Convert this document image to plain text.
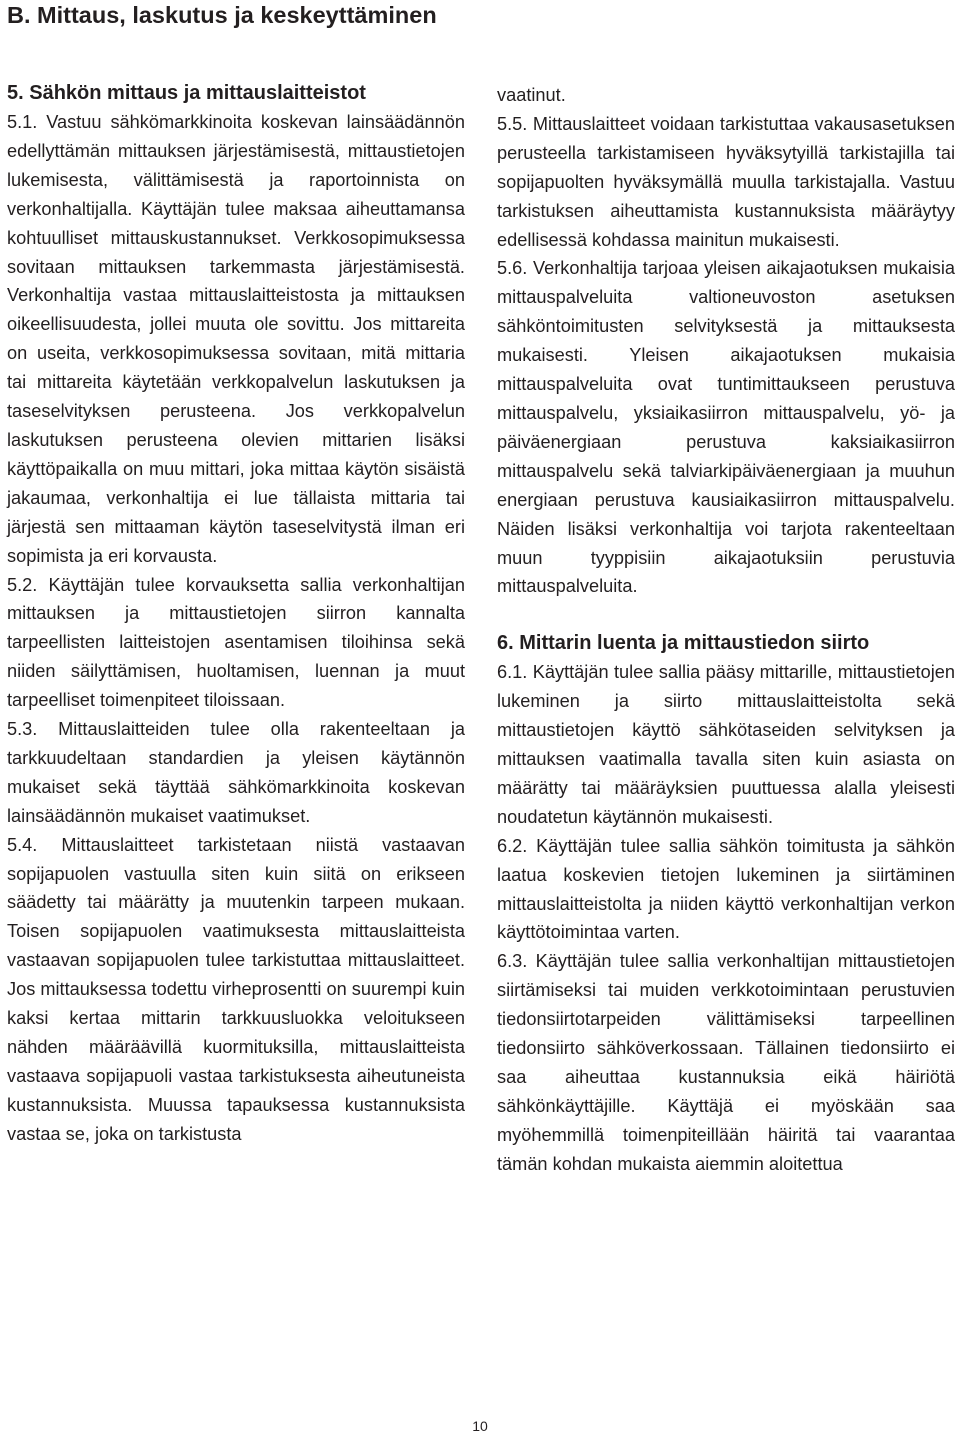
B. Mittaus, laskutus ja keskeyttäminen
5. Sähkön mittaus ja mittauslaitteistot

5.1. Vastuu sähkömarkkinoita koskevan lainsäädännön edellyttämän mittauksen järjestämisestä, mittaustietojen lukemisesta, välittämisestä ja raportoinnista on verkonhaltijalla. Käyttäjän tulee maksaa aiheuttamansa kohtuulliset mittauskustannukset. Verkkosopimuksessa sovitaan mittauksen tarkemmasta järjestämisestä. Verkonhaltija vastaa mittauslaitteistosta ja mittauksen oikeellisuudesta, jollei muuta ole sovittu. Jos mittareita on useita, verkkosopimuksessa sovitaan, mitä mittaria tai mittareita käytetään verkkopalvelun laskutuksen ja taseselvityksen perusteena. Jos verkkopalvelun laskutuksen perusteena olevien mittarien lisäksi käyttöpaikalla on muu mittari, joka mittaa käytön sisäistä jakaumaa, verkonhaltija ei lue tällaista mittaria tai järjestä sen mittaaman käytön taseselvitystä ilman eri sopimista ja eri korvausta.

5.2. Käyttäjän tulee korvauksetta sallia verkonhaltijan mittauksen ja mittaustietojen siirron kannalta tarpeellisten laitteistojen asentamisen tiloihinsa sekä niiden säilyttämisen, huoltamisen, luennan ja muut tarpeelliset toimenpiteet tiloissaan.

5.3. Mittauslaitteiden tulee olla rakenteeltaan ja tarkkuudeltaan standardien ja yleisen käytännön mukaiset sekä täyttää sähkömarkkinoita koskevan lainsäädännön mukaiset vaatimukset.

5.4. Mittauslaitteet tarkistetaan niistä vastaavan sopijapuolen vastuulla siten kuin siitä on erikseen säädetty tai määrätty ja muutenkin tarpeen mukaan. Toisen sopijapuolen vaatimuksesta mittauslaitteista vastaavan sopijapuolen tulee tarkistuttaa mittauslaitteet. Jos mittauksessa todettu virheprosentti on suurempi kuin kaksi kertaa mittarin tarkkuusluokka veloitukseen nähden määräävillä kuormituksilla, mittauslaitteista vastaava sopijapuoli vastaa tarkistuksesta aiheutuneista kustannuksista. Muussa tapauksessa kustannuksista vastaa se, joka on tarkistusta

vaatinut.

5.5. Mittauslaitteet voidaan tarkistuttaa vakausasetuksen perusteella tarkistamiseen hyväksytyillä tarkistajilla tai sopijapuolten hyväksymällä muulla tarkistajalla. Vastuu tarkistuksen aiheuttamista kustannuksista määräytyy edellisessä kohdassa mainitun mukaisesti.

5.6. Verkonhaltija tarjoaa yleisen aikajaotuksen mukaisia mittauspalveluita valtioneuvoston asetuksen sähköntoimitusten selvityksestä ja mittauksesta mukaisesti. Yleisen aikajaotuksen mukaisia mittauspalveluita ovat tuntimittaukseen perustuva mittauspalvelu, yksiaikasiirron mittauspalvelu, yö- ja päiväenergiaan perustuva kaksiaikasiirron mittauspalvelu sekä talviarkipäiväenergiaan ja muuhun energiaan perustuva kausiaikasiirron mittauspalvelu. Näiden lisäksi verkonhaltija voi tarjota rakenteeltaan muun tyyppisiin aikajaotuksiin perustuvia mittauspalveluita.

6. Mittarin luenta ja mittaustiedon siirto

6.1. Käyttäjän tulee sallia pääsy mittarille, mittaustietojen lukeminen ja siirto mittauslaitteistolta sekä mittaustietojen käyttö sähkötaseiden selvityksen ja mittauksen vaatimalla tavalla siten kuin asiasta on määrätty tai määräyksien puuttuessa alalla yleisesti noudatetun käytännön mukaisesti.

6.2. Käyttäjän tulee sallia sähkön toimitusta ja sähkön laatua koskevien tietojen lukeminen ja siirtäminen mittauslaitteistolta ja niiden käyttö verkonhaltijan verkon käyttötoimintaa varten.

6.3. Käyttäjän tulee sallia verkonhaltijan mittaustietojen siirtämiseksi tai muiden verkkotoimintaan perustuvien tiedonsiirtotarpeiden välittämiseksi tarpeellinen tiedonsiirto sähköverkossaan. Tällainen tiedonsiirto ei saa aiheuttaa kustannuksia eikä häiriötä sähkönkäyttäjille. Käyttäjä ei myöskään saa myöhemmillä toimenpiteillään häiritä tai vaarantaa tämän kohdan mukaista aiemmin aloitettua

10
